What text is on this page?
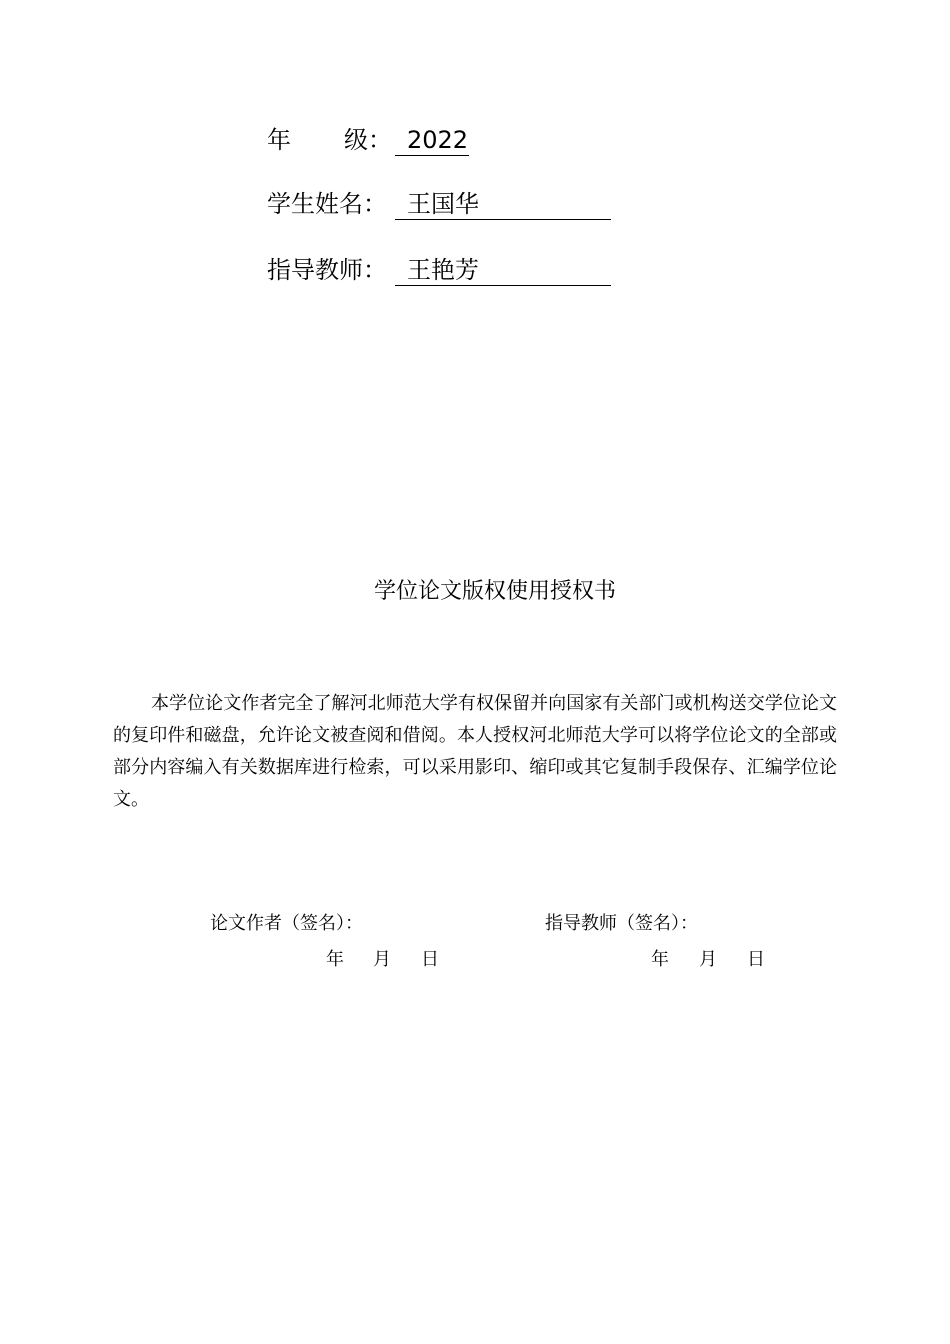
年 级： 2022
学生姓名： 王国华
指导教师： 王艳芳
学位论文版权使用授权书

本学位论文作者完全了解河北师范大学有权保留并向国家有关部门或机构送交学位论文的复印件和磁盘，允许论文被查阅和借阅。本人授权河北师范大学可以将学位论文的全部或部分内容编入有关数据库进行检索，可以采用影印、缩印或其它复制手段保存、汇编学位论文。

论文作者（签名）：	指导教师（签名）：
年 月 日	年 月 日
